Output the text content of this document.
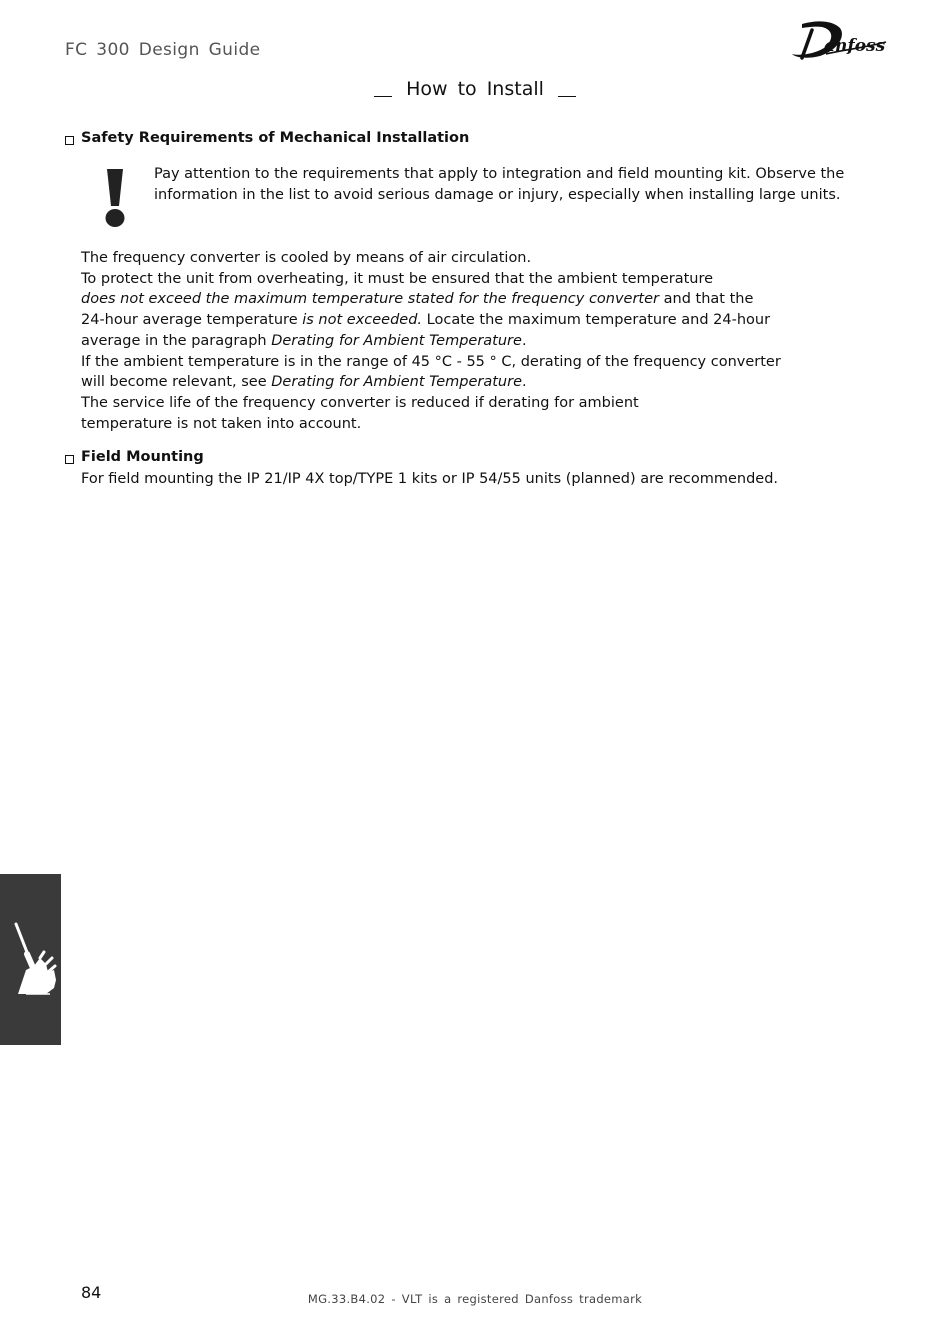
FC 300 Design Guide	anfoss
How to Install
Safety Requirements of Mechanical Installation
Pay attention to the requirements that apply to integration and field mounting kit. Observe the
information in the list to avoid serious damage or injury, especially when installing large units.
The frequency converter is cooled by means of air circulation.
To protect the unit from overheating, it must be ensured that the ambient temperature
does not exceed the maximum temperature stated for the frequency converter and that the
24-hour average temperature is not exceeded. Locate the maximum temperature and 24-hour
average in the paragraph Derating for Ambient Temperature.
If the ambient temperature is in the range of 45 °C - 55 ° C, derating of the frequency converter
will become relevant, see Derating for Ambient Temperature.
The service life of the frequency converter is reduced if derating for ambient
temperature is not taken into account.
Field Mounting
For field mounting the IP 21/IP 4X top/TYPE 1 kits or IP 54/55 units (planned) are recommended.
84	MG.33.B4.02 - VLT is a registered Danfoss trademark
